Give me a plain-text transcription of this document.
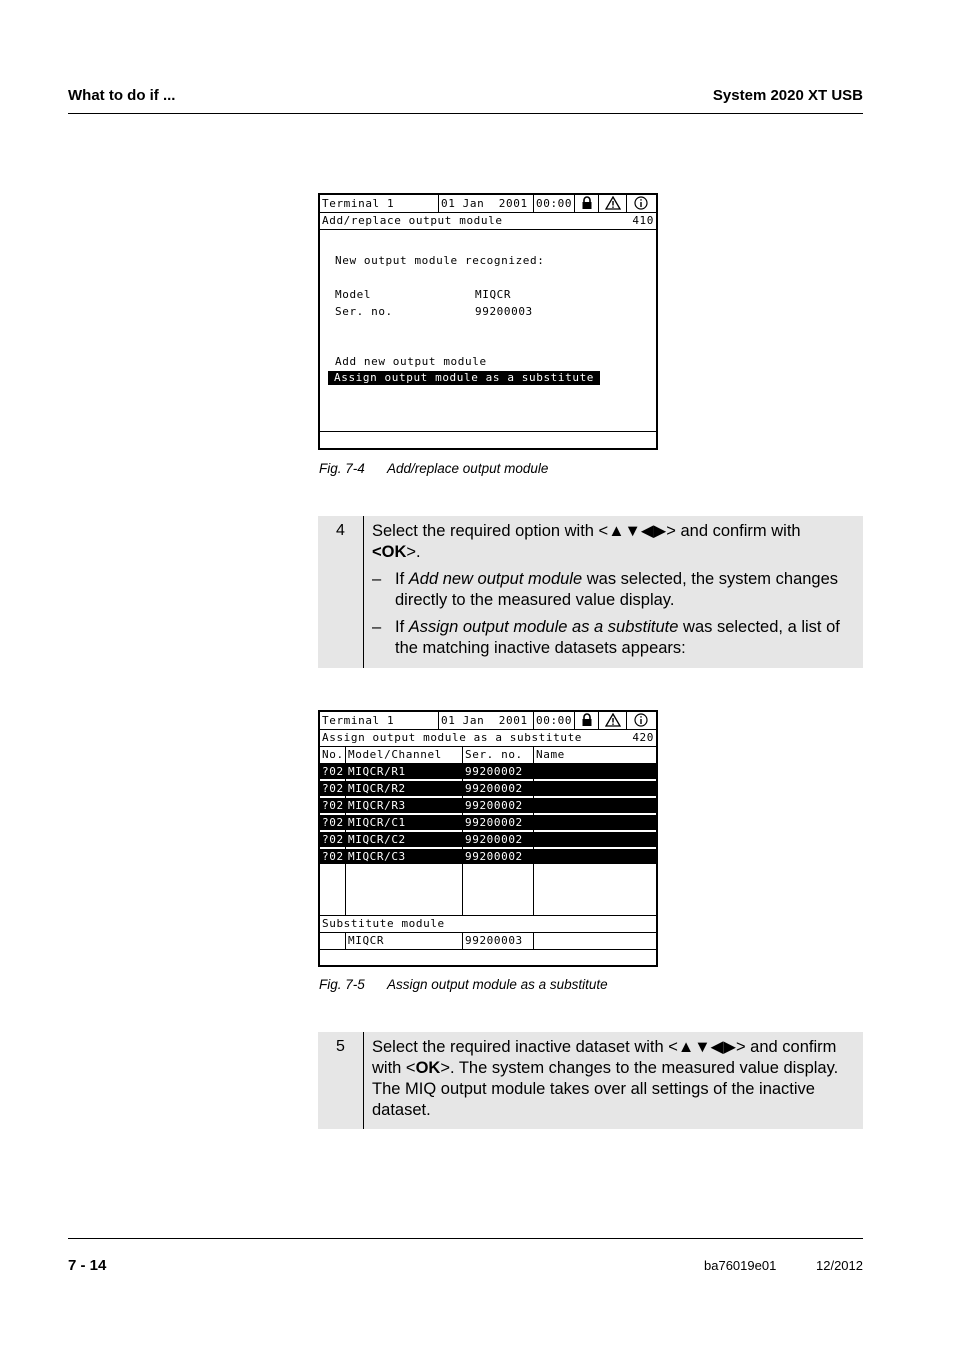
What to do if ...	System 2020 XT USB
Terminal 1	01 Jan  2001 00:00
Add/replace output module	410
New output module recognized:
Model	MIQCR
Ser. no.	99200003
Add new output module
Assign output module as a substitute

Fig. 7-4 Add/replace output module
4	Select the required option with <▲▼◀▶> and confirm with <OK>.

– If Add new output module was selected, the system changes directly to the measured value display.
– If Assign output module as a substitute was selected, a list of the matching inactive datasets appears:
Terminal 1	01 Jan  2001 00:00
Assign output module as a substitute	420
No. Model/Channel	Ser. no.	Name
?02 MIQCR/R1	99200002
?02 MIQCR/R2	99200002
?02 MIQCR/R3	99200002
?02 MIQCR/C1	99200002
?02 MIQCR/C2	99200002
?02 MIQCR/C3	99200002
Substitute module
MIQCR	99200003

Fig. 7-5 Assign output module as a substitute
5	Select the required inactive dataset with <▲▼◀▶> and confirm with <OK>. The system changes to the measured value display. The MIQ output module takes over all settings of the inactive dataset.

7 - 14	ba76019e01	12/2012
